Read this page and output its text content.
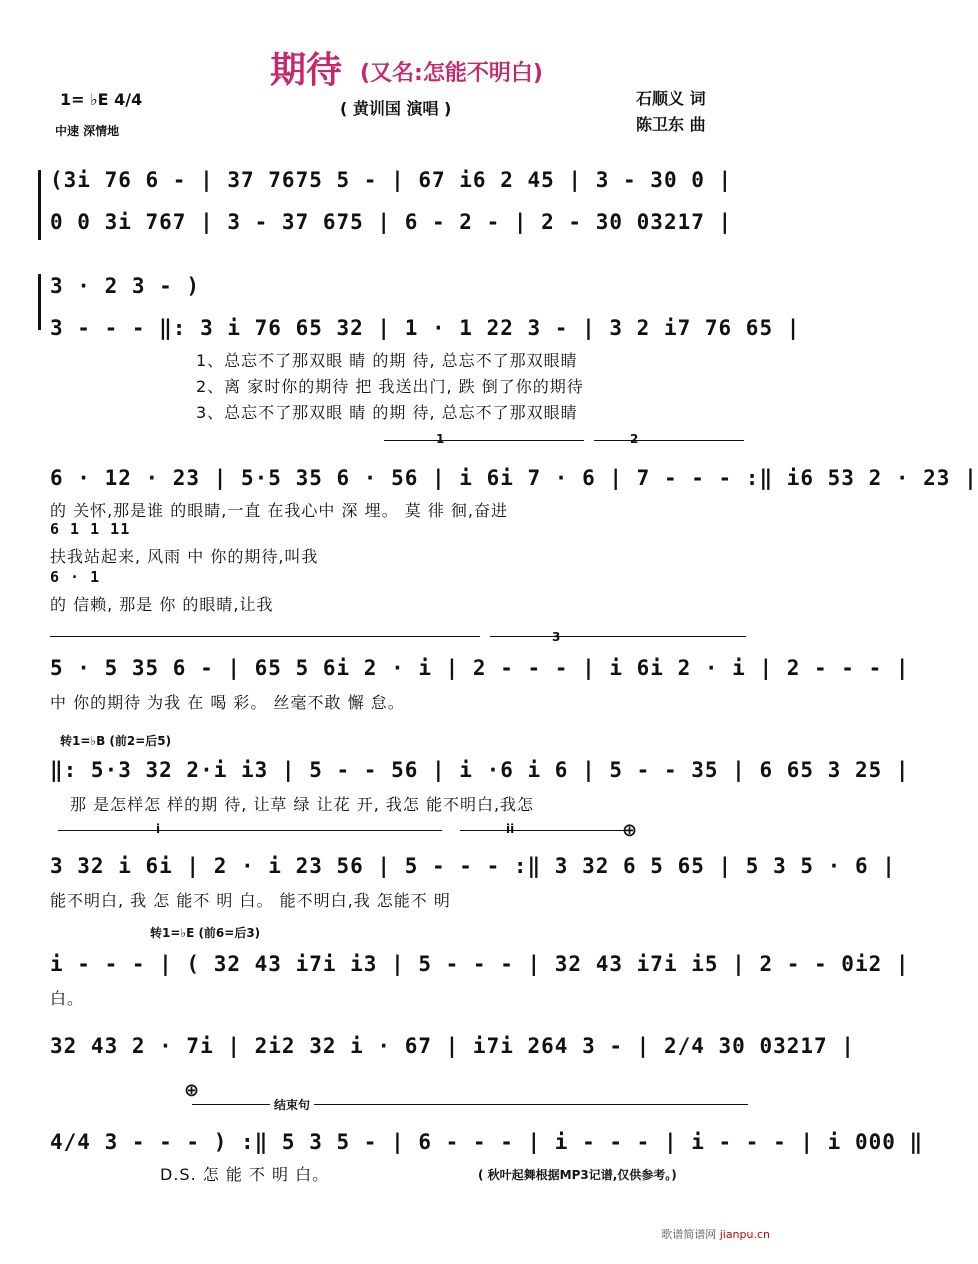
期待 (又名:怎能不明白)
( 黄训国 演唱 )
石顺义 词
陈卫东 曲
1= ♭E 4/4
中速 深情地
(3i 76 6 - | 37 7675 5 - | 67 i6 2 45 | 3 - 30 0 |
0 0 3i 767 | 3 - 37 675 | 6 - 2 - | 2 - 30 03217 |
3 · 2 3 - )
3 - - - ‖: 3 i 76 65 32 | 1 · 1 22 3 - | 3 2 i7 76 65 |
1、总忘不了那双眼 睛 的期 待, 总忘不了那双眼睛
2、离 家时你的期待 把 我送出门, 跌 倒了你的期待
3、总忘不了那双眼 睛 的期 待, 总忘不了那双眼睛
1	2
6 · 12 · 23 | 5·5 35 6 · 56 | i 6i 7 · 6 | 7 - - - :‖ i6 53 2 · 23 |
的 关怀,那是谁 的眼睛,一直 在我心中 深 埋。 莫 徘 徊,奋进
6 1 1 11
扶我站起来, 风雨 中 你的期待,叫我
6 · 1
的 信赖, 那是 你 的眼睛,让我
3
5 · 5 35 6 - | 65 5 6i 2 · i | 2 - - - | i 6i 2 · i | 2 - - - |
中 你的期待 为我 在 喝 彩。 丝毫不敢 懈 怠。
转1=♭B (前2=后5)
‖: 5·3 32 2·i i3 | 5 - - 56 | i ·6 i 6 | 5 - - 35 | 6 65 3 25 |
那 是怎样怎 样的期 待, 让草 绿 让花 开, 我怎 能不明白,我怎
i	ii	⊕
3 32 i 6i | 2 · i 23 56 | 5 - - - :‖ 3 32 6 5 65 | 5 3 5 · 6 |
能不明白, 我 怎 能不 明 白。 能不明白,我 怎能不 明
转1=♭E (前6=后3)
i - - - | ( 32 43 i7i i3 | 5 - - - | 32 43 i7i i5 | 2 - - 0i2 |
白。
32 43 2 · 7i | 2i2 32 i · 67 | i7i 264 3 - | 2/4 30 03217 |
⊕
结束句
4/4 3 - - - ) :‖ 5 3 5 - | 6 - - - | i - - - | i - - - | i 000 ‖
D.S. 怎 能 不 明 白。	( 秋叶起舞根据MP3记谱,仅供参考。)
歌谱简谱网 jianpu.cn
